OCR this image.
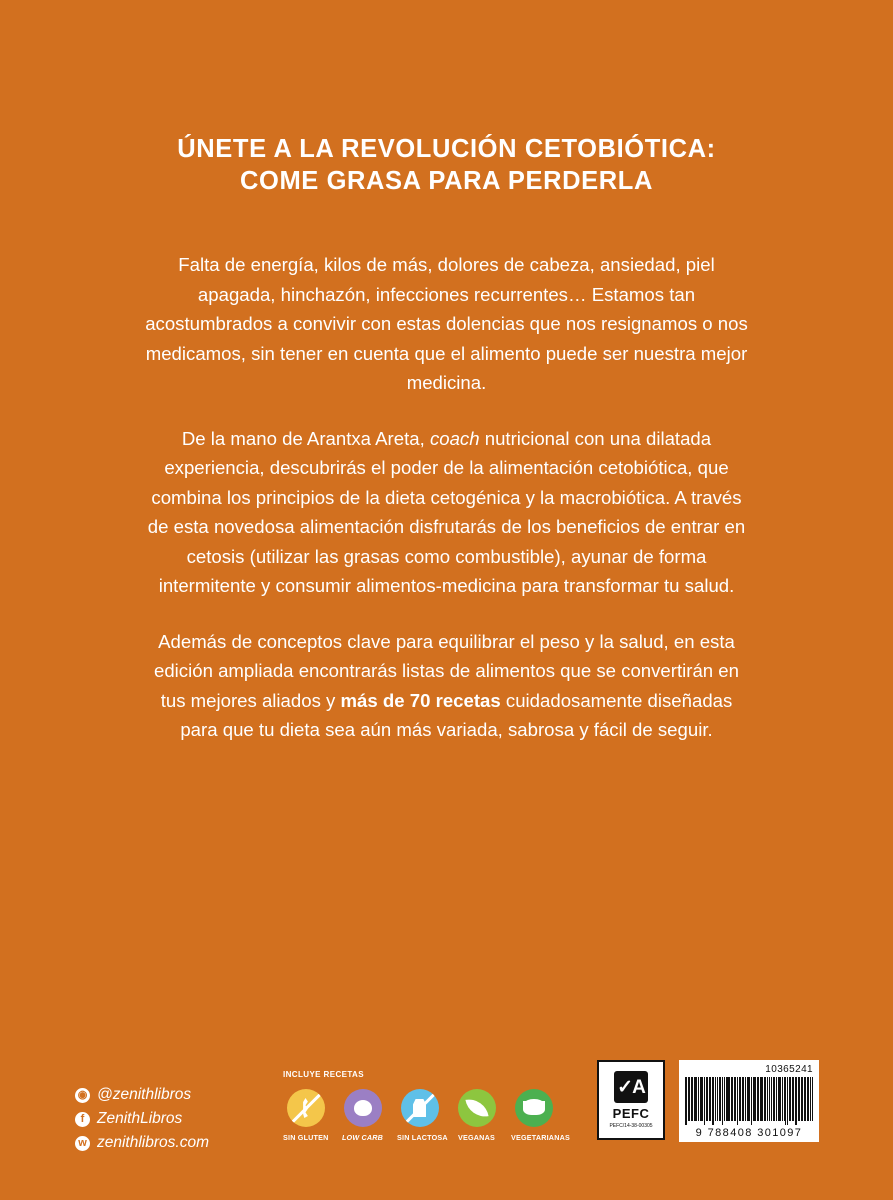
ÚNETE A LA REVOLUCIÓN CETOBIÓTICA:
COME GRASA PARA PERDERLA

Falta de energía, kilos de más, dolores de cabeza, ansiedad, piel apagada, hinchazón, infecciones recurrentes… Estamos tan acostumbrados a convivir con estas dolencias que nos resignamos o nos medicamos, sin tener en cuenta que el alimento puede ser nuestra mejor medicina.

De la mano de Arantxa Areta, coach nutricional con una dilatada experiencia, descubrirás el poder de la alimentación cetobiótica, que combina los principios de la dieta cetogénica y la macrobiótica. A través de esta novedosa alimentación disfrutarás de los beneficios de entrar en cetosis (utilizar las grasas como combustible), ayunar de forma intermitente y consumir alimentos-medicina para transformar tu salud.

Además de conceptos clave para equilibrar el peso y la salud, en esta edición ampliada encontrarás listas de alimentos que se convertirán en tus mejores aliados y más de 70 recetas cuidadosamente diseñadas para que tu dieta sea aún más variada, sabrosa y fácil de seguir.

◉ @zenithlibros
f ZenithLibros
w zenithlibros.com
INCLUYE RECETAS
SIN GLUTEN LOW CARB SIN LACTOSA	VEGANAS	VEGETARIANAS
✓A
PEFC
PEFC/14-38-00305
10365241
9 788408 301097
